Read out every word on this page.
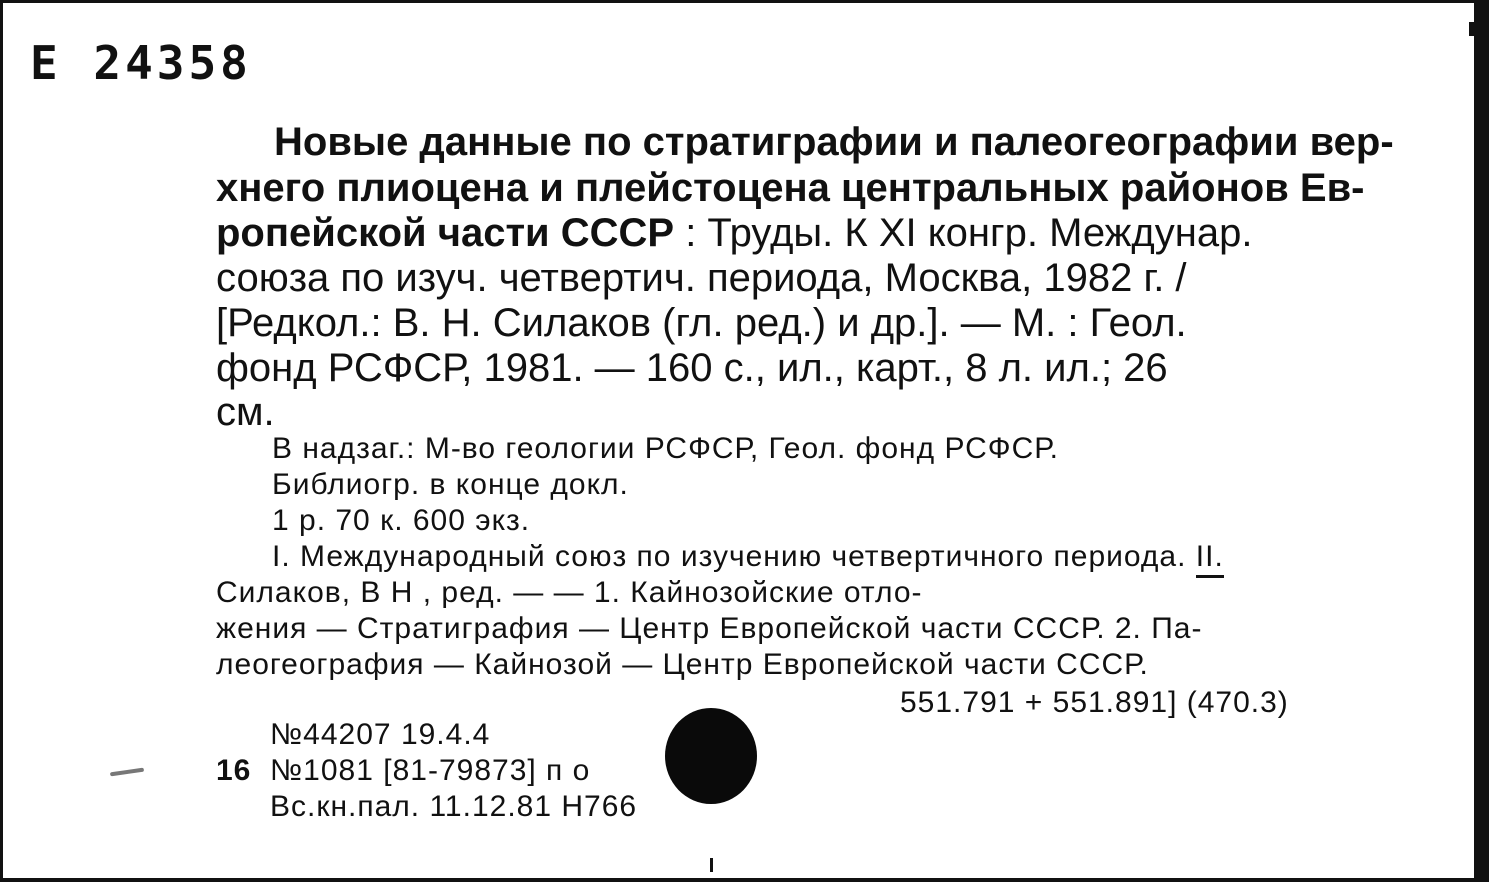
Е 24358
Новые данные по стратиграфии и палеогеографии вер-
хнего плиоцена и плейстоцена центральных районов Ев-
ропейской части СССР : Труды. К XI конгр. Междунар.
союза по изуч. четвертич. периода, Москва, 1982 г. /
[Редкол.: В. Н. Силаков (гл. ред.) и др.]. — М. : Геол.
фонд РСФСР, 1981. — 160 с., ил., карт., 8 л. ил.; 26
см.
В надзаг.: М-во геологии РСФСР, Геол. фонд РСФСР.
Библиогр. в конце докл.
1 р. 70 к. 600 экз.
I. Международный союз по изучению четвертичного периода. II.
Силаков, В Н , ред. — — 1. Кайнозойские отло-
жения — Стратиграфия — Центр Европейской части СССР. 2. Па-
леогеография — Кайнозой — Центр Европейской части СССР.
551.791 + 551.891] (470.3)
№44207 19.4.4
16 №1081 [81-79873] п о
Вс.кн.пал. 11.12.81 Н766
